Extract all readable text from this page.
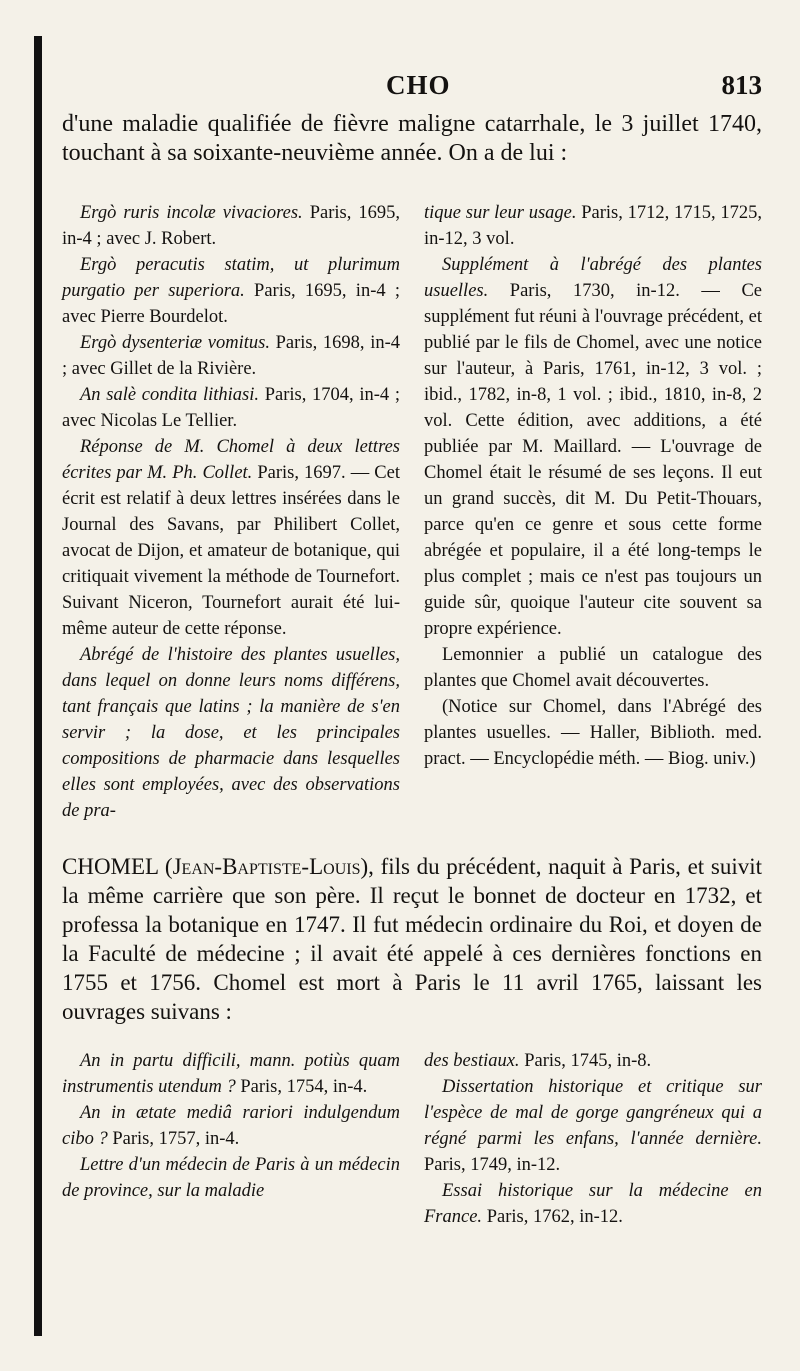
CHO	813

d'une maladie qualifiée de fièvre maligne catarrhale, le 3 juillet 1740, touchant à sa soixante-neuvième année. On a de lui :

Ergò ruris incolæ vivaciores. Paris, 1695, in-4 ; avec J. Robert.

Ergò peracutis statim, ut plurimum purgatio per superiora. Paris, 1695, in-4 ; avec Pierre Bourdelot.

Ergò dysenteriæ vomitus. Paris, 1698, in-4 ; avec Gillet de la Rivière.

An salè condita lithiasi. Paris, 1704, in-4 ; avec Nicolas Le Tellier.

Réponse de M. Chomel à deux lettres écrites par M. Ph. Collet. Paris, 1697. — Cet écrit est relatif à deux lettres insérées dans le Journal des Savans, par Philibert Collet, avocat de Dijon, et amateur de botanique, qui critiquait vivement la méthode de Tournefort. Suivant Niceron, Tournefort aurait été lui-même auteur de cette réponse.

Abrégé de l'histoire des plantes usuelles, dans lequel on donne leurs noms différens, tant français que latins ; la manière de s'en servir ; la dose, et les principales compositions de pharmacie dans lesquelles elles sont employées, avec des observations de pra-

tique sur leur usage. Paris, 1712, 1715, 1725, in-12, 3 vol.

Supplément à l'abrégé des plantes usuelles. Paris, 1730, in-12. — Ce supplément fut réuni à l'ouvrage précédent, et publié par le fils de Chomel, avec une notice sur l'auteur, à Paris, 1761, in-12, 3 vol. ; ibid., 1782, in-8, 1 vol. ; ibid., 1810, in-8, 2 vol. Cette édition, avec additions, a été publiée par M. Maillard. — L'ouvrage de Chomel était le résumé de ses leçons. Il eut un grand succès, dit M. Du Petit-Thouars, parce qu'en ce genre et sous cette forme abrégée et populaire, il a été long-temps le plus complet ; mais ce n'est pas toujours un guide sûr, quoique l'auteur cite souvent sa propre expérience.

Lemonnier a publié un catalogue des plantes que Chomel avait découvertes.

(Notice sur Chomel, dans l'Abrégé des plantes usuelles. — Haller, Biblioth. med. pract. — Encyclopédie méth. — Biog. univ.)

CHOMEL (Jean-Baptiste-Louis), fils du précédent, naquit à Paris, et suivit la même carrière que son père. Il reçut le bonnet de docteur en 1732, et professa la botanique en 1747. Il fut médecin ordinaire du Roi, et doyen de la Faculté de médecine ; il avait été appelé à ces dernières fonctions en 1755 et 1756. Chomel est mort à Paris le 11 avril 1765, laissant les ouvrages suivans :

An in partu difficili, mann. potiùs quam instrumentis utendum ? Paris, 1754, in-4.

An in ætate mediâ rariori indulgendum cibo ? Paris, 1757, in-4.

Lettre d'un médecin de Paris à un médecin de province, sur la maladie

des bestiaux. Paris, 1745, in-8.

Dissertation historique et critique sur l'espèce de mal de gorge gangréneux qui a régné parmi les enfans, l'année dernière. Paris, 1749, in-12.

Essai historique sur la médecine en France. Paris, 1762, in-12.
